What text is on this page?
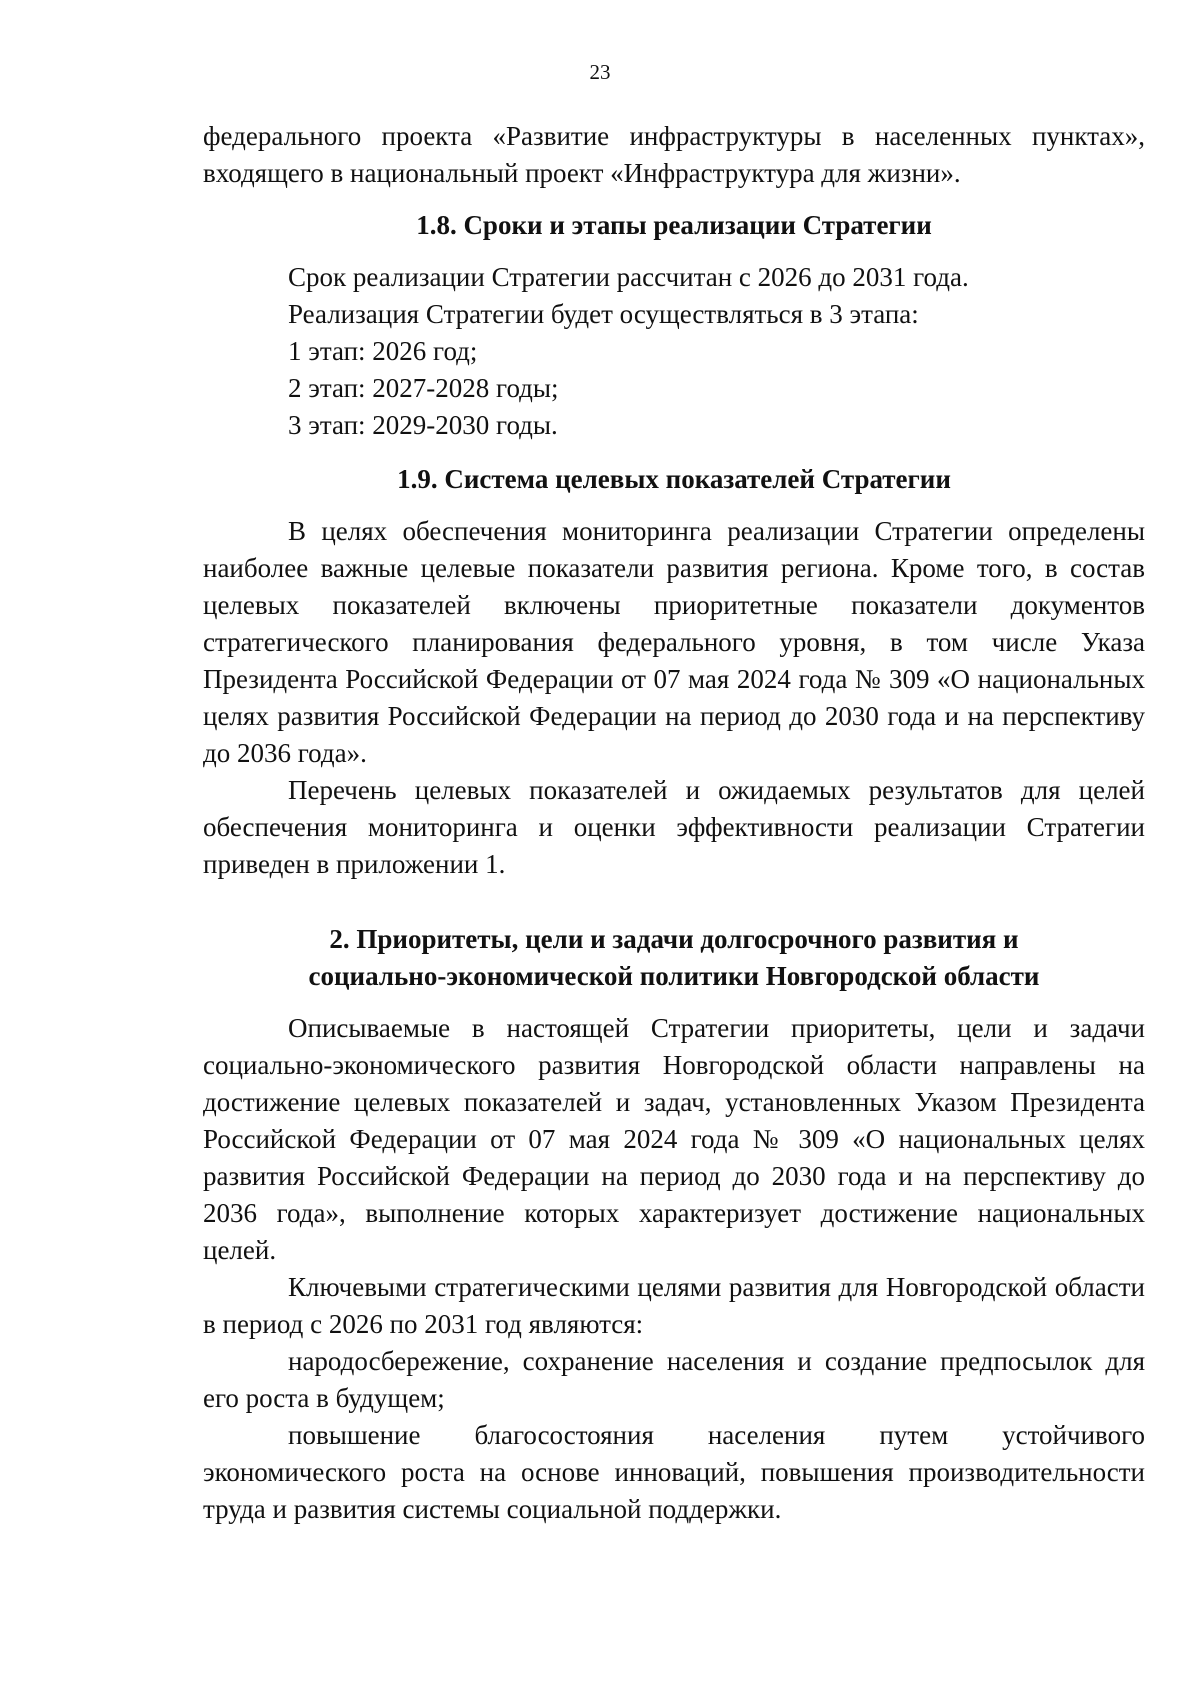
23

федерального проекта «Развитие инфраструктуры в населенных пунктах», входящего в национальный проект «Инфраструктура для жизни».

1.8. Сроки и этапы реализации Стратегии

Срок реализации Стратегии рассчитан с 2026 до 2031 года.

Реализация Стратегии будет осуществляться в 3 этапа:

1 этап: 2026 год;

2 этап: 2027-2028 годы;

3 этап: 2029-2030 годы.

1.9. Система целевых показателей Стратегии

В целях обеспечения мониторинга реализации Стратегии определены наиболее важные целевые показатели развития региона. Кроме того, в состав целевых показателей включены приоритетные показатели документов стратегического планирования федерального уровня, в том числе Указа Президента Российской Федерации от 07 мая 2024 года № 309 «О национальных целях развития Российской Федерации на период до 2030 года и на перспективу до 2036 года».

Перечень целевых показателей и ожидаемых результатов для целей обеспечения мониторинга и оценки эффективности реализации Стратегии приведен в приложении 1.

2. Приоритеты, цели и задачи долгосрочного развития и
социально-экономической политики Новгородской области

Описываемые в настоящей Стратегии приоритеты, цели и задачи социально-экономического развития Новгородской области направлены на достижение целевых показателей и задач, установленных Указом Президента Российской Федерации от 07 мая 2024 года № 309 «О национальных целях развития Российской Федерации на период до 2030 года и на перспективу до 2036 года», выполнение которых характеризует достижение национальных целей.

Ключевыми стратегическими целями развития для Новгородской области в период с 2026 по 2031 год являются:

народосбережение, сохранение населения и создание предпосылок для его роста в будущем;

повышение благосостояния населения путем устойчивого экономического роста на основе инноваций, повышения производительности труда и развития системы социальной поддержки.
